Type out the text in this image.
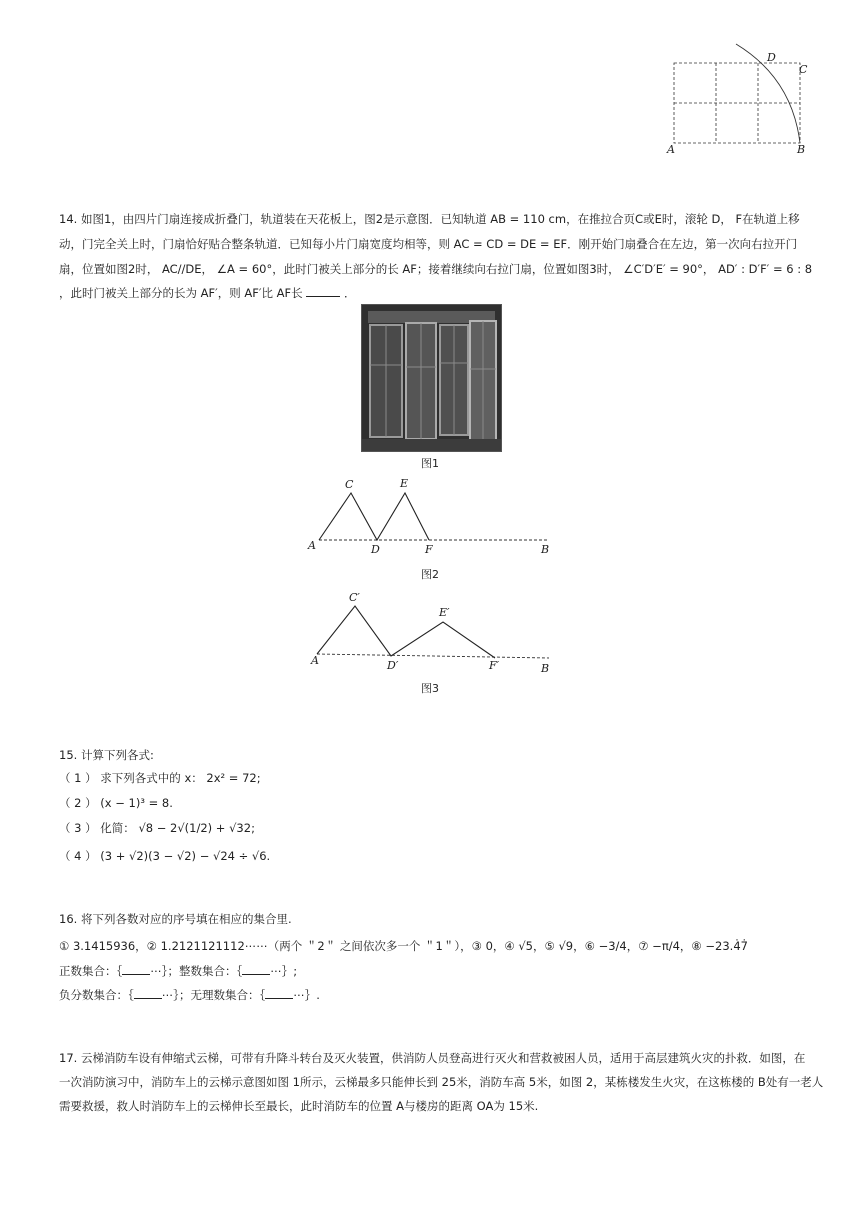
D
C
A	B
14. 如图1，由四片门扇连接成折叠门，轨道装在天花板上，图2是示意图．已知轨道 AB = 110 cm，在推拉合页C或E时，滚轮 D， F在轨道上移
动，门完全关上时，门扇恰好贴合整条轨道．已知每小片门扇宽度均相等，则 AC = CD = DE = EF．刚开始门扇叠合在左边，第一次向右拉开门
扇，位置如图2时， AC//DE， ∠A = 60°，此时门被关上部分的长 AF；接着继续向右拉门扇，位置如图3时， ∠C′D′E′ = 90°， AD′ : D′F′ = 6 : 8
，此时门被关上部分的长为 AF′，则 AF′比 AF长	．
图1
C	E
A	D	F	B
图2
C′
E′
A	D′	F′	B
图3
15. 计算下列各式:
（ 1 ） 求下列各式中的 x： 2x² = 72;
（ 2 ） (x − 1)³ = 8.
（ 3 ） 化简： √8 − 2√(1/2) + √32;
（ 4 ） (3 + √2)(3 − √2) − √24 ÷ √6.
16. 将下列各数对应的序号填在相应的集合里.
① 3.1415936，② 1.2121121112⋯⋯（两个 ＂2＂ 之间依次多一个 ＂1＂），③ 0，④ √5，⑤ √9，⑥ −3/4，⑦ −π/4，⑧ −23.4̇7̇
正数集合：｛ ⋯｝；整数集合：｛ ⋯｝;
负分数集合：｛ ⋯｝；无理数集合：｛ ⋯｝.
17. 云梯消防车设有伸缩式云梯，可带有升降斗转台及灭火装置，供消防人员登高进行灭火和营救被困人员，适用于高层建筑火灾的扑救．如图，在
一次消防演习中，消防车上的云梯示意图如图 1所示，云梯最多只能伸长到 25米，消防车高 5米，如图 2，某栋楼发生火灾，在这栋楼的 B处有一老人
需要救援，救人时消防车上的云梯伸长至最长，此时消防车的位置 A与楼房的距离 OA为 15米.
